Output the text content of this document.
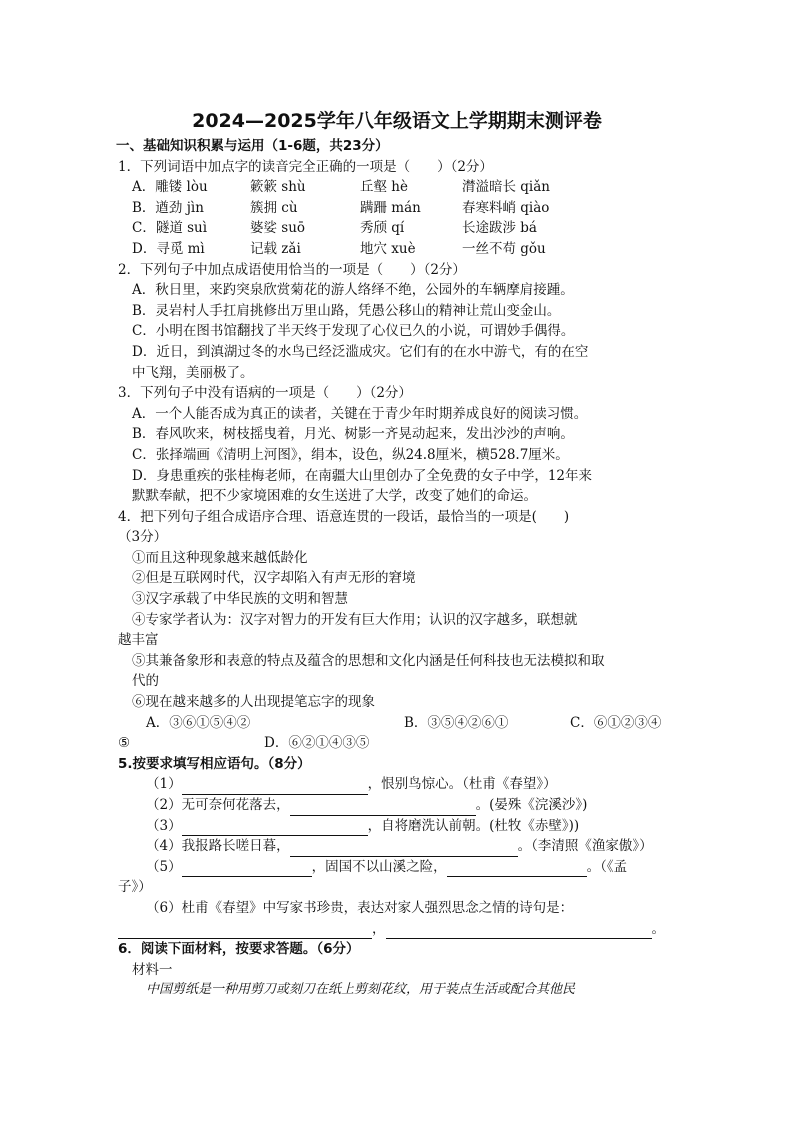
2024—2025学年八年级语文上学期期末测评卷
一、基础知识积累与运用（1-6题，共23分）
1．下列词语中加点字的读音完全正确的一项是（　　）（2分）
A．雕镂 lòu	簌簌 shù	丘壑 hè	潸溢暗长 qiǎn
B．遒劲 jìn	簇拥 cù	蹒跚 mán	春寒料峭 qiào
C．隧道 suì	婆娑 suō	秀颀 qí	长途跋涉 bá
D．寻觅 mì	记载 zǎi	地穴 xuè	一丝不苟 gǒu
2．下列句子中加点成语使用恰当的一项是（　　）（2分）
A．秋日里，来趵突泉欣赏菊花的游人络绎不绝，公园外的车辆摩肩接踵。
B．灵岩村人手扛肩挑修出万里山路，凭愚公移山的精神让荒山变金山。
C．小明在图书馆翻找了半天终于发现了心仪已久的小说，可谓妙手偶得。
D．近日，到滇湖过冬的水鸟已经泛滥成灾。它们有的在水中游弋，有的在空
中飞翔，美丽极了。
3．下列句子中没有语病的一项是（　　）（2分）
A．一个人能否成为真正的读者，关键在于青少年时期养成良好的阅读习惯。
B．春风吹来，树枝摇曳着，月光、树影一齐晃动起来，发出沙沙的声响。
C．张择端画《清明上河图》，绢本，设色，纵24.8厘米，横528.7厘米。
D．身患重疾的张桂梅老师，在南疆大山里创办了全免费的女子中学，12年来
默默奉献，把不少家境困难的女生送进了大学，改变了她们的命运。
4．把下列句子组合成语序合理、语意连贯的一段话，最恰当的一项是(　　)
（3分）
①而且这种现象越来越低龄化
②但是互联网时代，汉字却陷入有声无形的窘境
③汉字承载了中华民族的文明和智慧
④专家学者认为：汉字对智力的开发有巨大作用；认识的汉字越多，联想就
越丰富
⑤其兼备象形和表意的特点及蕴含的思想和文化内涵是任何科技也无法模拟和取
代的
⑥现在越来越多的人出现提笔忘字的现象
A．③⑥①⑤④②	B．③⑤④②⑥①	C．⑥①②③④
⑤	D．⑥②①④③⑤
5.按要求填写相应语句。（8分）
（1）	，恨别鸟惊心。（杜甫《春望》）
（2）无可奈何花落去，	。(晏殊《浣溪沙》)
（3）	，自将磨洗认前朝。(杜牧《赤壁》))
（4）我报路长嗟日暮，	。（李清照《渔家傲》）
（5）	，固国不以山溪之险，	。（《孟
子》）
（6）杜甫《春望》中写家书珍贵，表达对家人强烈思念之情的诗句是：
，	。
6．阅读下面材料，按要求答题。（6分）
材料一
中国剪纸是一种用剪刀或刻刀在纸上剪刻花纹，用于装点生活或配合其他民
